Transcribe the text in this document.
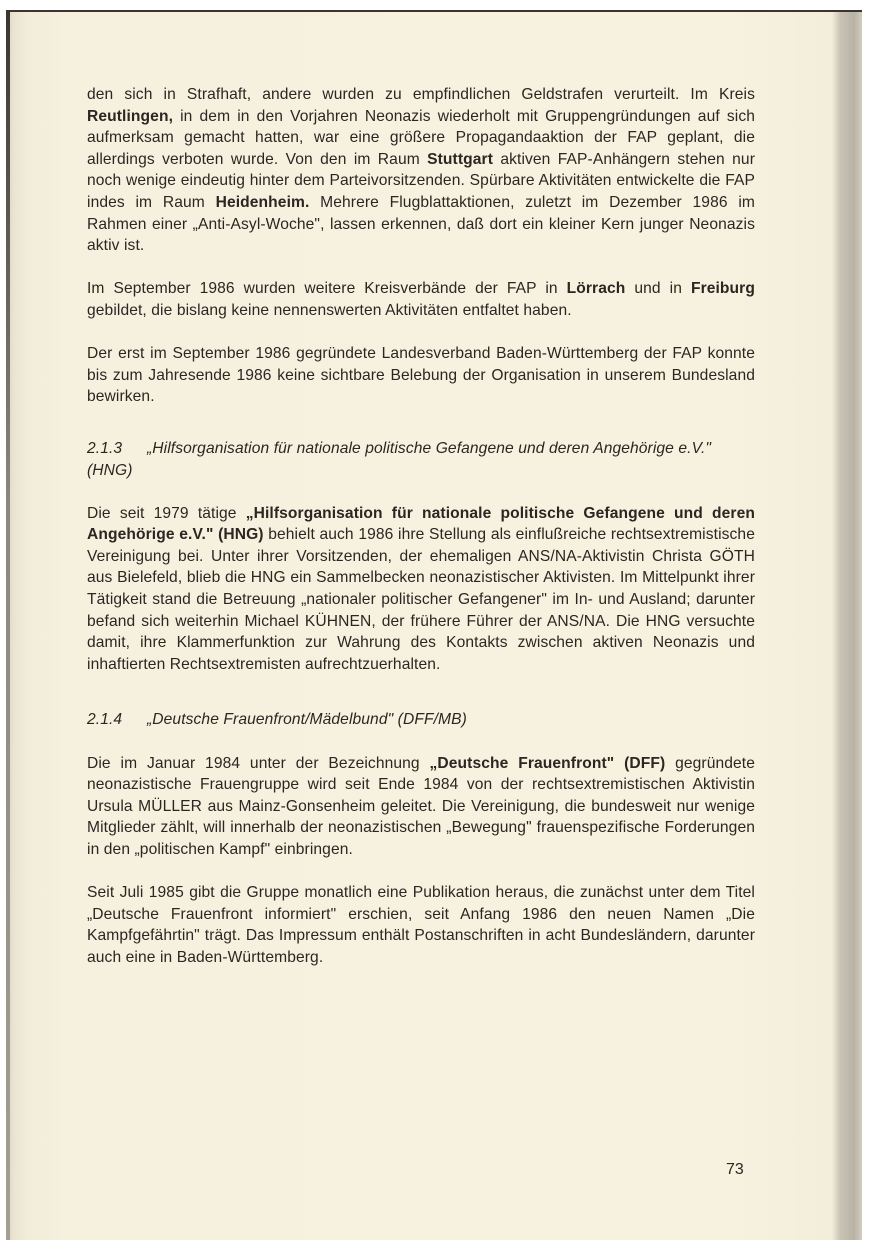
den sich in Strafhaft, andere wurden zu empfindlichen Geldstrafen verurteilt. Im Kreis Reutlingen, in dem in den Vorjahren Neonazis wiederholt mit Gruppengründungen auf sich aufmerksam gemacht hatten, war eine größere Propagandaaktion der FAP geplant, die allerdings verboten wurde. Von den im Raum Stuttgart aktiven FAP-Anhängern stehen nur noch wenige eindeutig hinter dem Parteivorsitzenden. Spürbare Aktivitäten entwickelte die FAP indes im Raum Heidenheim. Mehrere Flugblattaktionen, zuletzt im Dezember 1986 im Rahmen einer „Anti-Asyl-Woche", lassen erkennen, daß dort ein kleiner Kern junger Neonazis aktiv ist.

Im September 1986 wurden weitere Kreisverbände der FAP in Lörrach und in Freiburg gebildet, die bislang keine nennenswerten Aktivitäten entfaltet haben.

Der erst im September 1986 gegründete Landesverband Baden-Württemberg der FAP konnte bis zum Jahresende 1986 keine sichtbare Belebung der Organisation in unserem Bundesland bewirken.

2.1.3 „Hilfsorganisation für nationale politische Gefangene und deren Angehörige e.V." (HNG)

Die seit 1979 tätige „Hilfsorganisation für nationale politische Gefangene und deren Angehörige e.V." (HNG) behielt auch 1986 ihre Stellung als einflußreiche rechtsextremistische Vereinigung bei. Unter ihrer Vorsitzenden, der ehemaligen ANS/NA-Aktivistin Christa GÖTH aus Bielefeld, blieb die HNG ein Sammelbecken neonazistischer Aktivisten. Im Mittelpunkt ihrer Tätigkeit stand die Betreuung „nationaler politischer Gefangener" im In- und Ausland; darunter befand sich weiterhin Michael KÜHNEN, der frühere Führer der ANS/NA. Die HNG versuchte damit, ihre Klammerfunktion zur Wahrung des Kontakts zwischen aktiven Neonazis und inhaftierten Rechtsextremisten aufrechtzuerhalten.

2.1.4 „Deutsche Frauenfront/Mädelbund" (DFF/MB)

Die im Januar 1984 unter der Bezeichnung „Deutsche Frauenfront" (DFF) gegründete neonazistische Frauengruppe wird seit Ende 1984 von der rechtsextremistischen Aktivistin Ursula MÜLLER aus Mainz-Gonsenheim geleitet. Die Vereinigung, die bundesweit nur wenige Mitglieder zählt, will innerhalb der neonazistischen „Bewegung" frauenspezifische Forderungen in den „politischen Kampf" einbringen.

Seit Juli 1985 gibt die Gruppe monatlich eine Publikation heraus, die zunächst unter dem Titel „Deutsche Frauenfront informiert" erschien, seit Anfang 1986 den neuen Namen „Die Kampfgefährtin" trägt. Das Impressum enthält Postanschriften in acht Bundesländern, darunter auch eine in Baden-Württemberg.

73
